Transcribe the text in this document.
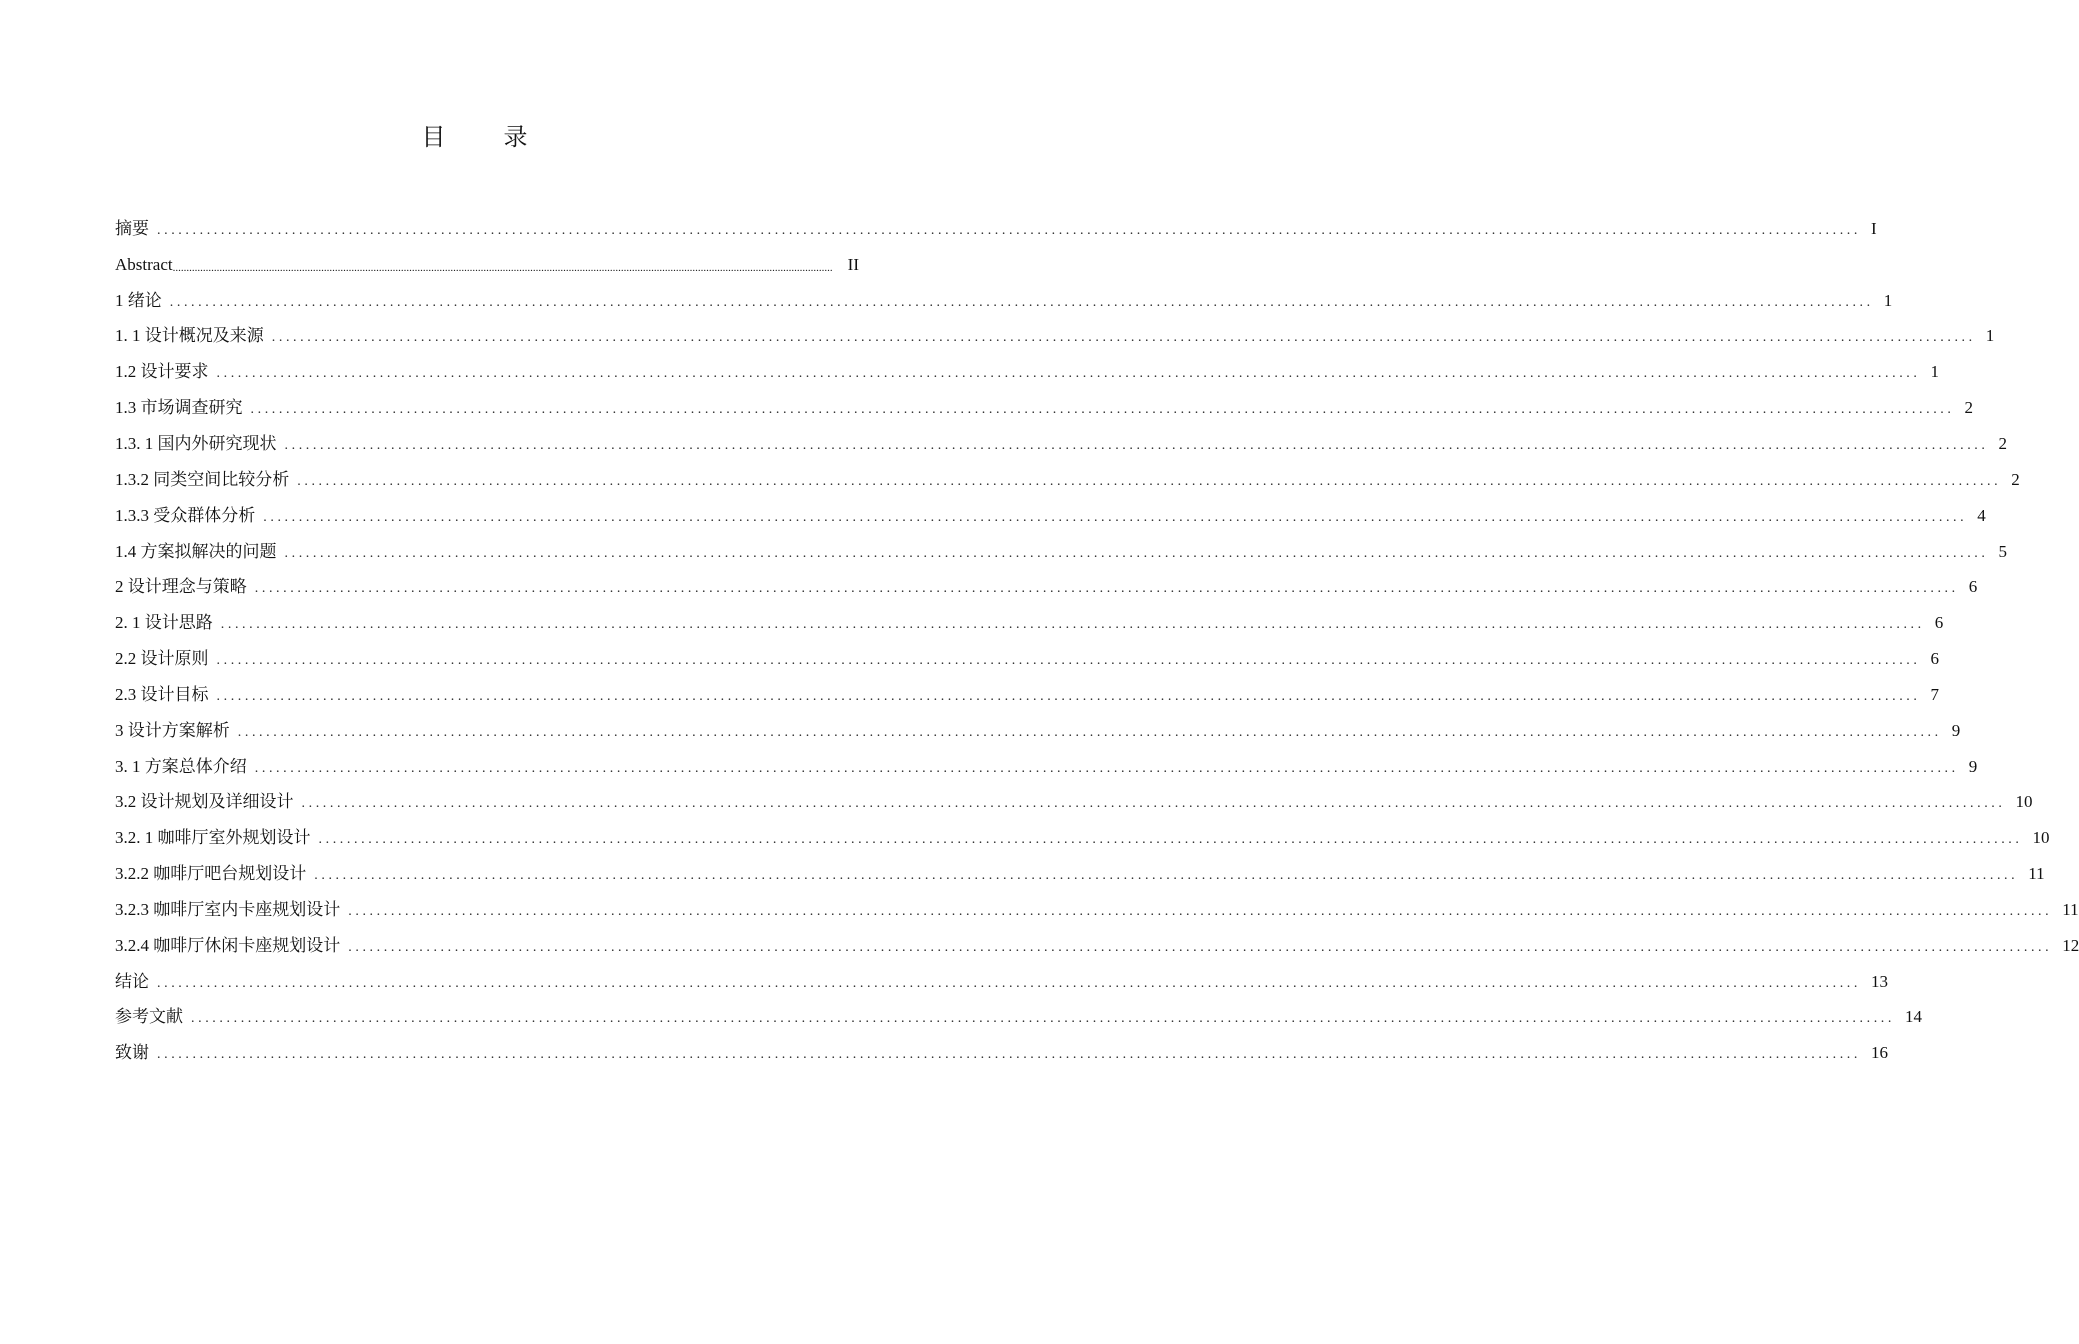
目 录
摘要 ................................................................................................................................................................................................................................................ I
Abstract ................................................................................................................................................................................................................................................ II
1 绪论 ................................................................................................................................................................................................................................................ 1
1. 1 设计概况及来源 ................................................................................................................................................................................................................................................ 1
1.2 设计要求 ................................................................................................................................................................................................................................................ 1
1.3 市场调查研究 ................................................................................................................................................................................................................................................ 2
1.3. 1 国内外研究现状 ................................................................................................................................................................................................................................................ 2
1.3.2 同类空间比较分析 ................................................................................................................................................................................................................................................ 2
1.3.3 受众群体分析 ................................................................................................................................................................................................................................................ 4
1.4 方案拟解决的问题 ................................................................................................................................................................................................................................................ 5
2 设计理念与策略 ................................................................................................................................................................................................................................................ 6
2. 1 设计思路 ................................................................................................................................................................................................................................................ 6
2.2 设计原则 ................................................................................................................................................................................................................................................ 6
2.3 设计目标 ................................................................................................................................................................................................................................................ 7
3 设计方案解析 ................................................................................................................................................................................................................................................ 9
3. 1 方案总体介绍 ................................................................................................................................................................................................................................................ 9
3.2 设计规划及详细设计 ................................................................................................................................................................................................................................................ 10
3.2. 1 咖啡厅室外规划设计 ................................................................................................................................................................................................................................................ 10
3.2.2 咖啡厅吧台规划设计 ................................................................................................................................................................................................................................................ 11
3.2.3 咖啡厅室内卡座规划设计 ................................................................................................................................................................................................................................................ 11
3.2.4 咖啡厅休闲卡座规划设计 ................................................................................................................................................................................................................................................ 12
结论 ................................................................................................................................................................................................................................................ 13
参考文献 ................................................................................................................................................................................................................................................ 14
致谢 ................................................................................................................................................................................................................................................ 16
